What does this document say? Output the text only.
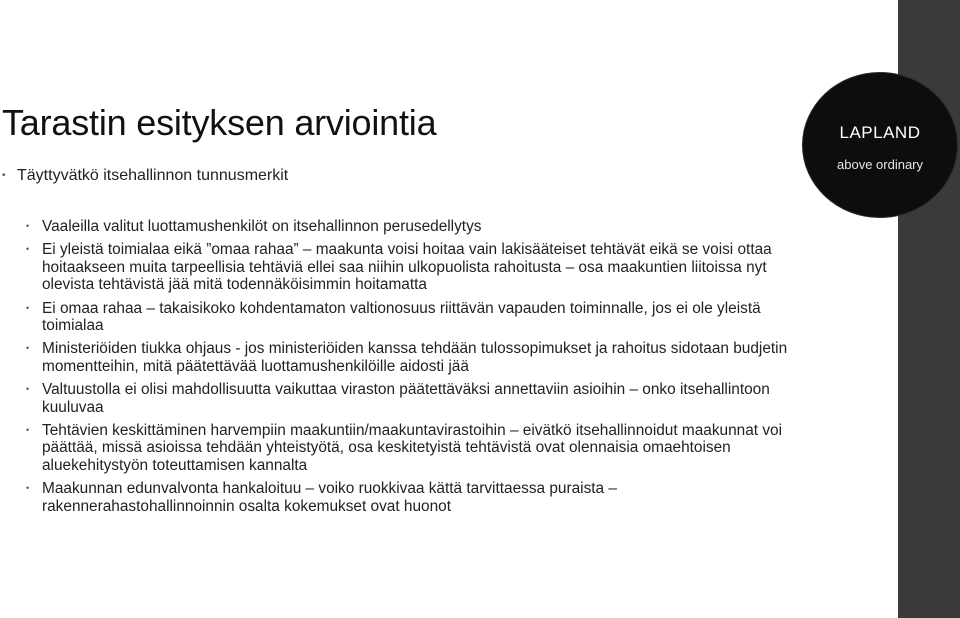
LAPLAND
above ordinary
Tarastin esityksen arviointia
• Täyttyvätkö itsehallinnon tunnusmerkit
• Vaaleilla valitut luottamushenkilöt on itsehallinnon perusedellytys
• Ei yleistä toimialaa eikä ”omaa rahaa” – maakunta voisi hoitaa vain lakisääteiset tehtävät eikä se voisi ottaa hoitaakseen muita tarpeellisia tehtäviä ellei saa niihin ulkopuolista rahoitusta – osa maakuntien liitoissa nyt olevista tehtävistä jää mitä todennäköisimmin hoitamatta
• Ei omaa rahaa – takaisikoko kohdentamaton valtionosuus riittävän vapauden toiminnalle, jos ei ole yleistä toimialaa
• Ministeriöiden tiukka ohjaus - jos ministeriöiden kanssa tehdään tulossopimukset ja rahoitus sidotaan budjetin momentteihin, mitä päätettävää luottamushenkilöille aidosti jää
• Valtuustolla ei olisi mahdollisuutta vaikuttaa viraston päätettäväksi annettaviin asioihin – onko itsehallintoon kuuluvaa
• Tehtävien keskittäminen harvempiin maakuntiin/maakuntavirastoihin – eivätkö itsehallinnoidut maakunnat voi päättää, missä asioissa tehdään yhteistyötä, osa keskitetyistä tehtävistä ovat olennaisia omaehtoisen aluekehitystyön toteuttamisen kannalta
• Maakunnan edunvalvonta hankaloituu – voiko ruokkivaa kättä tarvittaessa puraista – rakennerahastohallinnoinnin osalta kokemukset ovat huonot
